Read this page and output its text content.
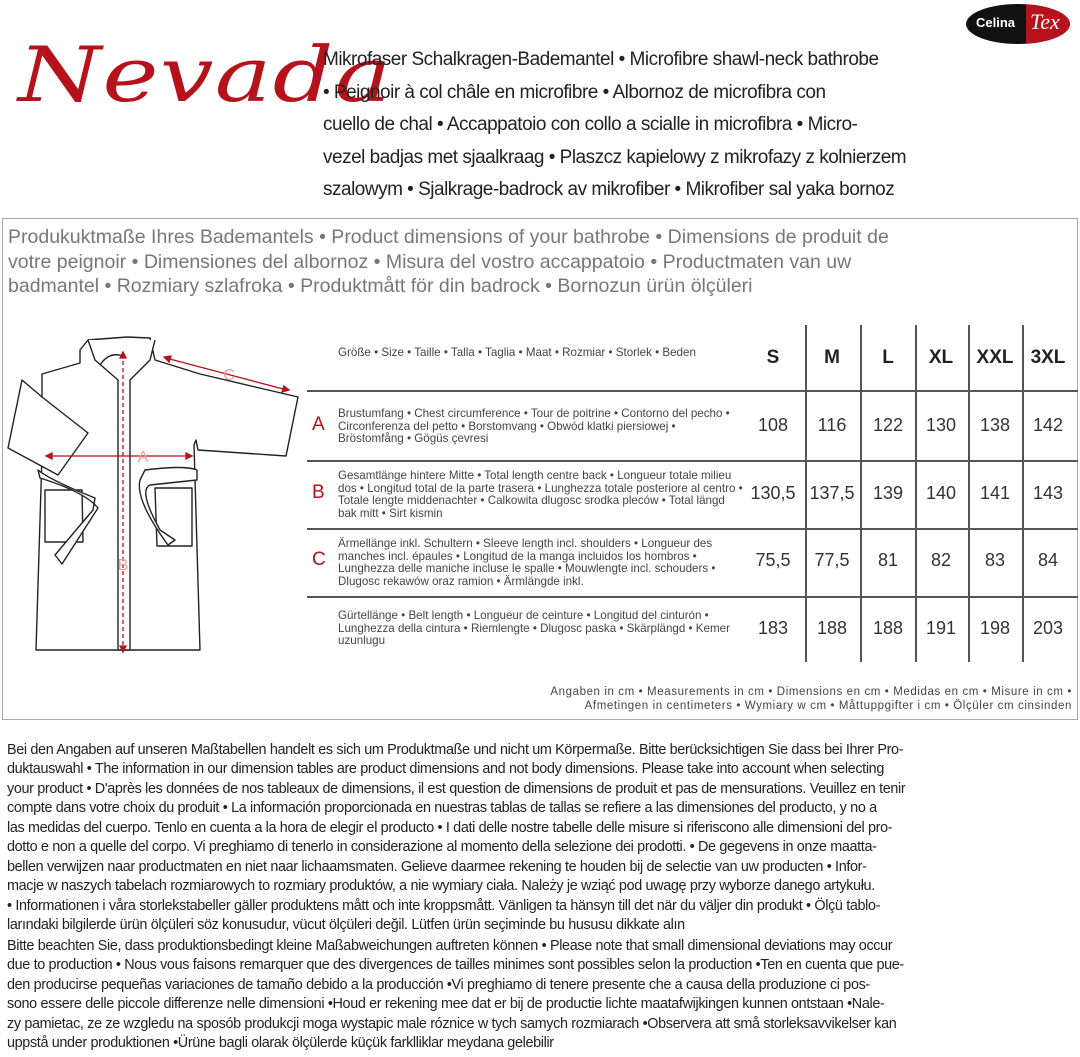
Nevada
Celina Tex
Mikrofaser Schalkragen-Bademantel • Microfibre shawl-neck bathrobe
• Peignoir à col châle en microfibre • Albornoz de microfibra con
cuello de chal • Accappatoio con collo a scialle in microfibra • Micro-
vezel badjas met sjaalkraag • Plaszcz kapielowy z mikrofazy z kolnierzem
szalowym • Sjalkrage-badrock av mikrofiber • Mikrofiber sal yaka bornoz
Produkuktmaße Ihres Bademantels • Product dimensions of your bathrobe • Dimensions de produit de
votre peignoir • Dimensiones del albornoz • Misura del vostro accappatoio • Productmaten van uw
badmantel • Rozmiary szlafroka • Produktmått för din badrock • Bornozun ürün ölçüleri
A
B
C
Größe • Size • Taille • Talla • Taglia • Maat • Rozmiar • Storlek • Beden	S M L XL XXL 3XL
A
Brustumfang • Chest circumference • Tour de poitrine • Contorno del pecho • Circonferenza del petto • Borstomvang • Obwód klatki piersiowej • Bröstomfång • Gögüs çevresi
108	116	122	130	138	142
B
Gesamtlänge hintere Mitte • Total length centre back • Longueur totale milieu dos • Longitud total de la parte trasera • Lunghezza totale posteriore al centro • Totale lengte middenachter • Calkowita dlugosc srodka pleców • Total längd bak mitt • Sirt kismin
130,5 137,5	139	140	141	143
C
Ärmellänge inkl. Schultern • Sleeve length incl. shoulders • Longueur des manches incl. épaules • Longitud de la manga incluidos los hombros • Lunghezza delle maniche incluse le spalle • Mouwlengte incl. schouders • Dlugosc rekawów oraz ramion • Ärmlängde inkl.
75,5	77,5	81	82	83	84
Gürtellänge • Belt length • Longueur de ceinture • Longitud del cinturón • Lunghezza della cintura • Riemlengte • Dlugosc paska • Skärplängd • Kemer uzunlugu
183	188	188	191	198	203
Angaben in cm • Measurements in cm • Dimensions en cm • Medidas en cm • Misure in cm •
Afmetingen in centimeters • Wymiary w cm • Måttuppgifter i cm • Ölçüler cm cinsinden
Bei den Angaben auf unseren Maßtabellen handelt es sich um Produktmaße und nicht um Körpermaße. Bitte berücksichtigen Sie dass bei Ihrer Pro-
duktauswahl • The information in our dimension tables are product dimensions and not body dimensions. Please take into account when selecting
your product • D'après les données de nos tableaux de dimensions, il est question de dimensions de produit et pas de mensurations. Veuillez en tenir
compte dans votre choix du produit • La información proporcionada en nuestras tablas de tallas se refiere a las dimensiones del producto, y no a
las medidas del cuerpo. Tenlo en cuenta a la hora de elegir el producto • I dati delle nostre tabelle delle misure si riferiscono alle dimensioni del pro-
dotto e non a quelle del corpo. Vi preghiamo di tenerlo in considerazione al momento della selezione dei prodotti. • De gegevens in onze maatta-
bellen verwijzen naar productmaten en niet naar lichaamsmaten. Gelieve daarmee rekening te houden bij de selectie van uw producten • Infor-
macje w naszych tabelach rozmiarowych to rozmiary produktów, a nie wymiary ciała. Należy je wziąć pod uwagę przy wyborze danego artykułu.
• Informationen i våra storlekstabeller gäller produktens mått och inte kroppsmått. Vänligen ta hänsyn till det när du väljer din produkt • Ölçü tablo-
larındaki bilgilerde ürün ölçüleri söz konusudur, vücut ölçüleri değil. Lütfen ürün seçiminde bu hususu dikkate alın
Bitte beachten Sie, dass produktionsbedingt kleine Maßabweichungen auftreten können • Please note that small dimensional deviations may occur
due to production • Nous vous faisons remarquer que des divergences de tailles minimes sont possibles selon la production •Ten en cuenta que pue-
den producirse pequeñas variaciones de tamaño debido a la producción •Vi preghiamo di tenere presente che a causa della produzione ci pos-
sono essere delle piccole differenze nelle dimensioni •Houd er rekening mee dat er bij de productie lichte maatafwijkingen kunnen ontstaan •Nale-
zy pamietac, ze ze wzgledu na sposób produkcji moga wystapic male róznice w tych samych rozmiarach •Observera att små storleksavvikelser kan
uppstå under produktionen •Ürüne bagli olarak ölçülerde küçük farklliklar meydana gelebilir
